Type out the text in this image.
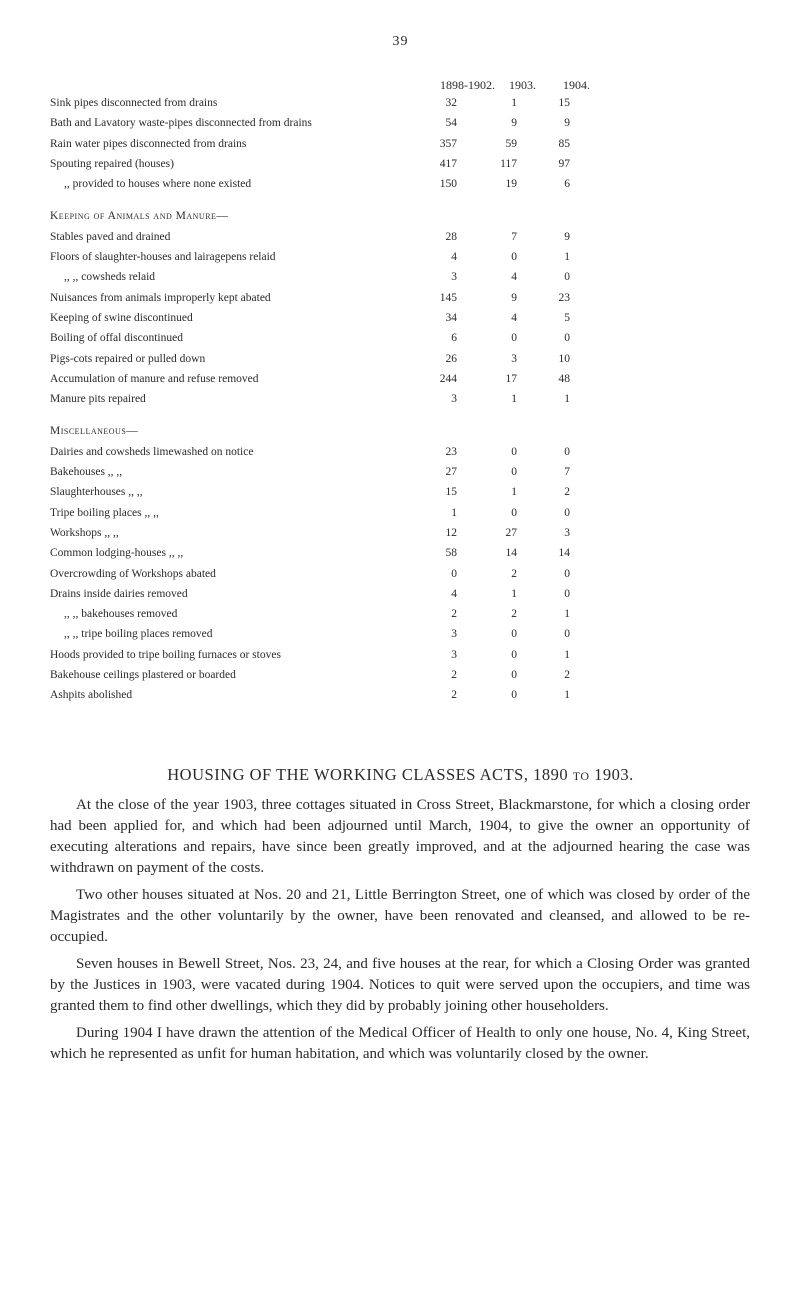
39
1898-1902. 1903. 1904.
Sink pipes disconnected from drains	32	1	15
Bath and Lavatory waste-pipes disconnected from drains	54	9	9
Rain water pipes disconnected from drains	357	59	85
Spouting repaired (houses)	417	117	97
,, provided to houses where none existed	150	19	6
Keeping of Animals and Manure—
Stables paved and drained	28	7	9
Floors of slaughter-houses and lairagepens relaid	4	0	1
,, ,, cowsheds relaid	3	4	0
Nuisances from animals improperly kept abated	145	9	23
Keeping of swine discontinued	34	4	5
Boiling of offal discontinued	6	0	0
Pigs-cots repaired or pulled down	26	3	10
Accumulation of manure and refuse removed	244	17	48
Manure pits repaired	3	1	1
Miscellaneous—
Dairies and cowsheds limewashed on notice	23	0	0
Bakehouses ,, ,,	27	0	7
Slaughterhouses ,, ,,	15	1	2
Tripe boiling places ,, ,,	1	0	0
Workshops ,, ,,	12	27	3
Common lodging-houses ,, ,,	58	14	14
Overcrowding of Workshops abated	0	2	0
Drains inside dairies removed	4	1	0
,, ,, bakehouses removed	2	2	1
,, ,, tripe boiling places removed	3	0	0
Hoods provided to tripe boiling furnaces or stoves	3	0	1
Bakehouse ceilings plastered or boarded	2	0	2
Ashpits abolished	2	0	1
HOUSING OF THE WORKING CLASSES ACTS, 1890 TO 1903.

At the close of the year 1903, three cottages situated in Cross Street, Blackmarstone, for which a closing order had been applied for, and which had been adjourned until March, 1904, to give the owner an opportunity of executing alterations and repairs, have since been greatly improved, and at the adjourned hearing the case was withdrawn on payment of the costs.

Two other houses situated at Nos. 20 and 21, Little Berrington Street, one of which was closed by order of the Magistrates and the other voluntarily by the owner, have been renovated and cleansed, and allowed to be re-occupied.

Seven houses in Bewell Street, Nos. 23, 24, and five houses at the rear, for which a Closing Order was granted by the Justices in 1903, were vacated during 1904. Notices to quit were served upon the occupiers, and time was granted them to find other dwellings, which they did by probably joining other householders.

During 1904 I have drawn the attention of the Medical Officer of Health to only one house, No. 4, King Street, which he represented as unfit for human habitation, and which was voluntarily closed by the owner.
